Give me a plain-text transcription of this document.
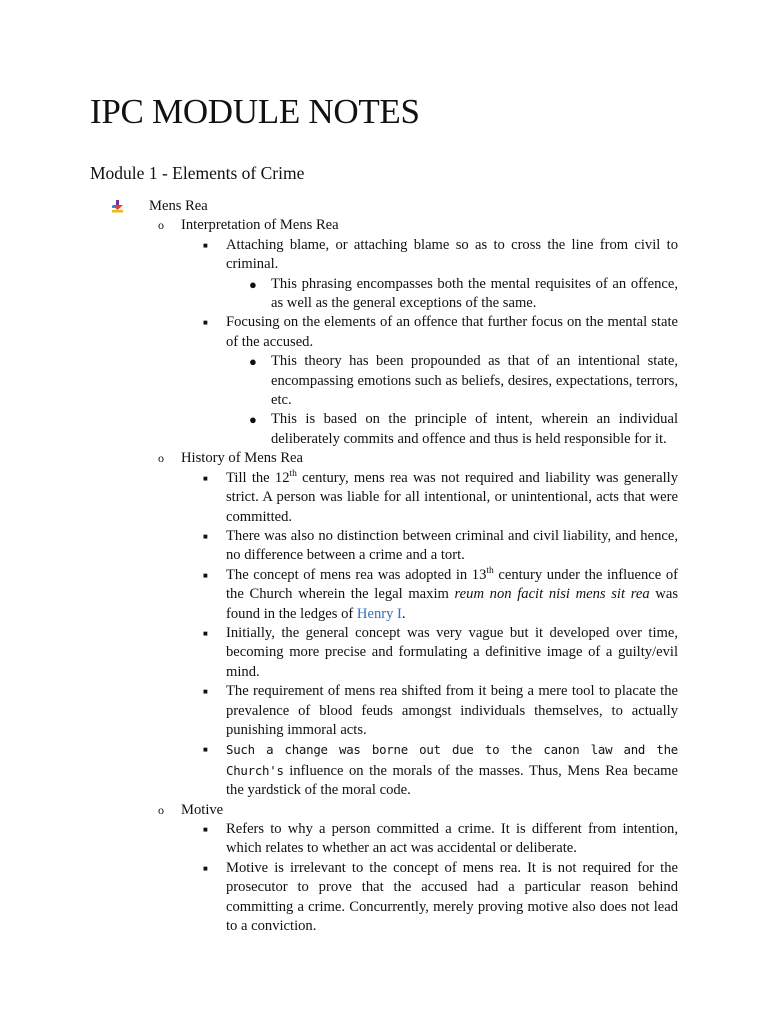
IPC MODULE NOTES
Module 1 - Elements of Crime
Mens Rea
o Interpretation of Mens Rea
■ Attaching blame, or attaching blame so as to cross the line from civil to criminal.
● This phrasing encompasses both the mental requisites of an offence, as well as the general exceptions of the same.
■ Focusing on the elements of an offence that further focus on the mental state of the accused.
● This theory has been propounded as that of an intentional state, encompassing emotions such as beliefs, desires, expectations, terrors, etc.
● This is based on the principle of intent, wherein an individual deliberately commits and offence and thus is held responsible for it.
o History of Mens Rea
■ Till the 12th century, mens rea was not required and liability was generally strict. A person was liable for all intentional, or unintentional, acts that were committed.
■ There was also no distinction between criminal and civil liability, and hence, no difference between a crime and a tort.
■ The concept of mens rea was adopted in 13th century under the influence of the Church wherein the legal maxim reum non facit nisi mens sit rea was found in the ledges of Henry I.
■ Initially, the general concept was very vague but it developed over time, becoming more precise and formulating a definitive image of a guilty/evil mind.
■ The requirement of mens rea shifted from it being a mere tool to placate the prevalence of blood feuds amongst individuals themselves, to actually punishing immoral acts.
■ Such a change was borne out due to the canon law and the Church's influence on the morals of the masses. Thus, Mens Rea became the yardstick of the moral code.
o Motive
■ Refers to why a person committed a crime. It is different from intention, which relates to whether an act was accidental or deliberate.
■ Motive is irrelevant to the concept of mens rea. It is not required for the prosecutor to prove that the accused had a particular reason behind committing a crime. Concurrently, merely proving motive also does not lead to a conviction.
